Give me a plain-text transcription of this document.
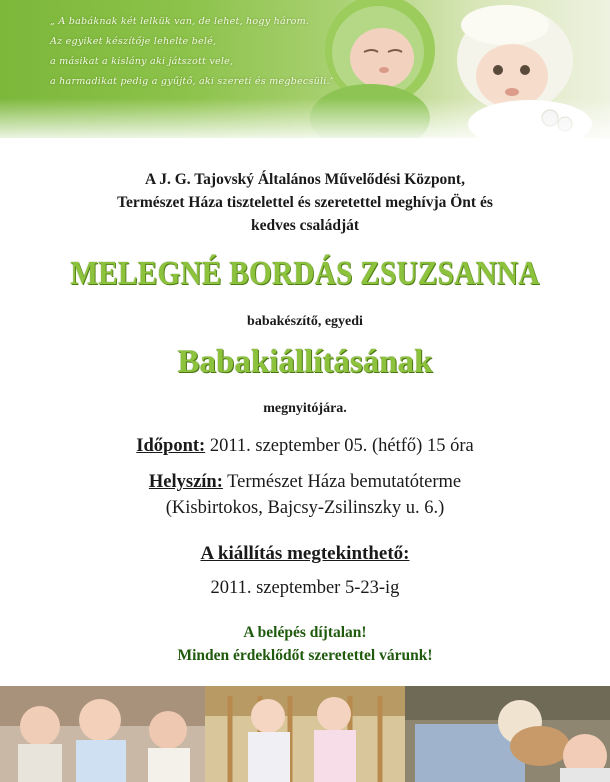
„ A babáknak két lelkük van, de lehet, hogy három.
Az egyiket készítője lehelte belé,
a másikat a kislány aki játszott vele,
a harmadikat pedig a gyűjtő, aki szereti és megbecsüli.”

A J. G. Tajovský Általános Művelődési Központ,
Természet Háza tisztelettel és szeretettel meghívja Önt és
kedves családját
MELEGNÉ BORDÁS ZSUZSANNA
babakészítő, egyedi
Babakiállításának
megnyitójára.
Időpont: 2011. szeptember 05. (hétfő) 15 óra
Helyszín: Természet Háza bemutatóterme
(Kisbirtokos, Bajcsy-Zsilinszky u. 6.)
A kiállítás megtekinthető:
2011. szeptember 5-23-ig
A belépés díjtalan!
Minden érdeklődőt szeretettel várunk!
